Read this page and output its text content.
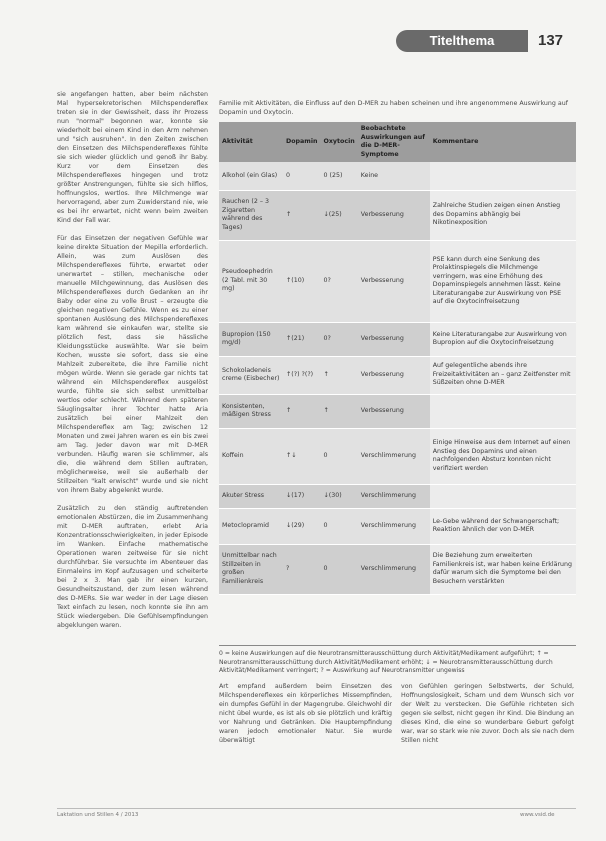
Titelthema	137

sie angefangen hatten, aber beim nächsten Mal hypersekretorischen Milchspendereflex treten sie in der Gewissheit, dass ihr Prozess nun "normal" begonnen war, konnte sie wiederholt bei einem Kind in den Arm nehmen und "sich ausruhen". In den Zeiten zwischen den Einsetzen des Milchspendereflexes fühlte sie sich wieder glücklich und genoß ihr Baby. Kurz vor dem Einsetzen des Milchspendereflexes hingegen und trotz größter Anstrengungen, fühlte sie sich hilflos, hoffnungslos, wertlos. Ihre Milchmenge war hervorragend, aber zum Zuwiderstand nie, wie es bei ihr erwartet, nicht wenn beim zweiten Kind der Fall war.

Für das Einsetzen der negativen Gefühle war keine direkte Situation der Mepilla erforderlich. Allein, was zum Auslösen des Milchspendereflexes führte, erwartet oder unerwartet – stillen, mechanische oder manuelle Milchgewinnung, das Auslösen des Milchspendereflexes durch Gedanken an ihr Baby oder eine zu volle Brust – erzeugte die gleichen negativen Gefühle. Wenn es zu einer spontanen Auslösung des Milchspendereflexes kam während sie einkaufen war, stellte sie plötzlich fest, dass sie hässliche Kleidungsstücke auswählte. War sie beim Kochen, wusste sie sofort, dass sie eine Mahlzeit zubereitete, die ihre Familie nicht mögen würde. Wenn sie gerade gar nichts tat während ein Milchspendereflex ausgelöst wurde, fühlte sie sich selbst unmittelbar wertlos oder schlecht. Während dem späteren Säuglingsalter ihrer Tochter hatte Aria zusätzlich bei einer Mahlzeit den Milchspendereflex am Tag; zwischen 12 Monaten und zwei Jahren waren es ein bis zwei am Tag. Jeder davon war mit D-MER verbunden. Häufig waren sie schlimmer, als die, die während dem Stillen auftraten, möglicherweise, weil sie außerhalb der Stillzeiten "kalt erwischt" wurde und sie nicht von ihrem Baby abgelenkt wurde.

Zusätzlich zu den ständig auftretenden emotionalen Abstürzen, die im Zusammenhang mit D-MER auftraten, erlebt Aria Konzentrationsschwierigkeiten, in jeder Episode im Wanken. Einfache mathematische Operationen waren zeitweise für sie nicht durchführbar. Sie versuchte im Abenteuer das Einmaleins im Kopf aufzusagen und scheiterte bei 2 x 3. Man gab ihr einen kurzen, Gesundheitszustand, der zum lesen während des D-MERs. Sie war weder in der Lage diesen Text einfach zu lesen, noch konnte sie ihn am Stück wiedergeben. Die Gefühlsempfindungen abgeklungen waren.

Familie mit Aktivitäten, die Einfluss auf den D-MER zu haben scheinen und ihre angenommene Auswirkung auf Dopamin und Oxytocin.
Aktivität	Dopamin	Oxytocin	Beobachtete Auswirkungen auf die D-MER-Symptome	Kommentare
Alkohol (ein Glas)	0	0 (25)	Keine	
Rauchen (2 – 3 Zigaretten während des Tages)	↑	↓(25)	Verbesserung	Zahlreiche Studien zeigen einen Anstieg des Dopamins abhängig bei Nikotinexposition
Pseudoephedrin (2 Tabl. mit 30 mg)	↑(10)	0?	Verbesserung	PSE kann durch eine Senkung des Prolaktinspiegels die Milchmenge verringern, was eine Erhöhung des Dopaminspiegels annehmen lässt. Keine Literaturangabe zur Auswirkung von PSE auf die Oxytocinfreisetzung
Bupropion (150 mg/d)	↑(21)	0?	Verbesserung	Keine Literaturangabe zur Auswirkung von Bupropion auf die Oxytocinfreisetzung
Schokoladeneis creme (Eisbecher)	↑(?) ?(?)	↑	Verbesserung	Auf gelegentliche abends ihre Freizeitaktivitäten an – ganz Zeitfenster mit Süßzeiten ohne D-MER
Konsistenten, mäßigen Stress	↑	↑	Verbesserung	
Koffein	↑↓	0	Verschlimmerung	Einige Hinweise aus dem Internet auf einen Anstieg des Dopamins und einen nachfolgenden Absturz konnten nicht verifiziert werden
Akuter Stress	↓(17)	↓(30)	Verschlimmerung	
Metoclopramid	↓(29)	0	Verschlimmerung	Le-Gebe während der Schwangerschaft; Reaktion ähnlich der von D-MER
Unmittelbar nach Stillzeiten in großen Familienkreis	?	0	Verschlimmerung	Die Beziehung zum erweiterten Familienkreis ist, war haben keine Erklärung dafür warum sich die Symptome bei den Besuchern verstärkten
0 = keine Auswirkungen auf die Neurotransmitterausschüttung durch Aktivität/Medikament aufgeführt; ↑ = Neurotransmitterausschüttung durch Aktivität/Medikament erhöht; ↓ = Neurotransmitterausschüttung durch Aktivität/Medikament verringert; ? = Auswirkung auf Neurotransmitter ungewiss

Art empfand außerdem beim Einsetzen des Milchspendereflexes ein körperliches Missempfinden, ein dumpfes Gefühl in der Magengrube. Gleichwohl dir nicht übel wurde, es ist als ob sie plötzlich und kräftig vor Nahrung und Getränken. Die Hauptempfindung waren jedoch emotionaler Natur. Sie wurde überwältigt

von Gefühlen geringen Selbstwerts, der Schuld, Hoffnungslosigkeit, Scham und dem Wunsch sich vor der Welt zu verstecken. Die Gefühle richteten sich gegen sie selbst, nicht gegen ihr Kind. Die Bindung an dieses Kind, die eine so wunderbare Geburt gefolgt war, war so stark wie nie zuvor. Doch als sie nach dem Stillen nicht

Laktation und Stillen 4 / 2013	www.vsid.de
